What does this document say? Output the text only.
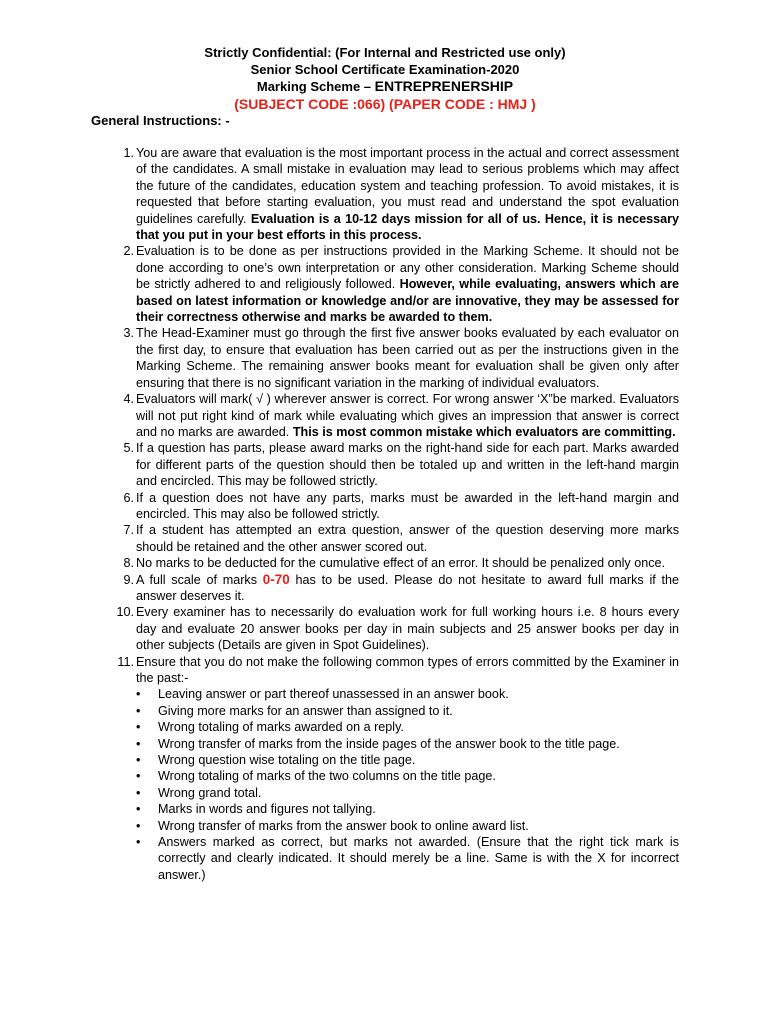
Strictly Confidential: (For Internal and Restricted use only)
Senior School Certificate Examination-2020
Marking Scheme – ENTREPRENERSHIP
(SUBJECT CODE :066) (PAPER CODE : HMJ )
General Instructions: -
1. You are aware that evaluation is the most important process in the actual and correct assessment of the candidates. A small mistake in evaluation may lead to serious problems which may affect the future of the candidates, education system and teaching profession. To avoid mistakes, it is requested that before starting evaluation, you must read and understand the spot evaluation guidelines carefully. Evaluation is a 10-12 days mission for all of us. Hence, it is necessary that you put in your best efforts in this process.
2. Evaluation is to be done as per instructions provided in the Marking Scheme. It should not be done according to one’s own interpretation or any other consideration. Marking Scheme should be strictly adhered to and religiously followed. However, while evaluating, answers which are based on latest information or knowledge and/or are innovative, they may be assessed for their correctness otherwise and marks be awarded to them.
3. The Head-Examiner must go through the first five answer books evaluated by each evaluator on the first day, to ensure that evaluation has been carried out as per the instructions given in the Marking Scheme. The remaining answer books meant for evaluation shall be given only after ensuring that there is no significant variation in the marking of individual evaluators.
4. Evaluators will mark( √ ) wherever answer is correct. For wrong answer ‘X”be marked. Evaluators will not put right kind of mark while evaluating which gives an impression that answer is correct and no marks are awarded. This is most common mistake which evaluators are committing.
5. If a question has parts, please award marks on the right-hand side for each part. Marks awarded for different parts of the question should then be totaled up and written in the left-hand margin and encircled. This may be followed strictly.
6. If a question does not have any parts, marks must be awarded in the left-hand margin and encircled. This may also be followed strictly.
7. If a student has attempted an extra question, answer of the question deserving more marks should be retained and the other answer scored out.
8. No marks to be deducted for the cumulative effect of an error. It should be penalized only once.
9. A full scale of marks 0-70 has to be used. Please do not hesitate to award full marks if the answer deserves it.
10. Every examiner has to necessarily do evaluation work for full working hours i.e. 8 hours every day and evaluate 20 answer books per day in main subjects and 25 answer books per day in other subjects (Details are given in Spot Guidelines).
11. Ensure that you do not make the following common types of errors committed by the Examiner in the past:-
• Leaving answer or part thereof unassessed in an answer book.
• Giving more marks for an answer than assigned to it.
• Wrong totaling of marks awarded on a reply.
• Wrong transfer of marks from the inside pages of the answer book to the title page.
• Wrong question wise totaling on the title page.
• Wrong totaling of marks of the two columns on the title page.
• Wrong grand total.
• Marks in words and figures not tallying.
• Wrong transfer of marks from the answer book to online award list.
• Answers marked as correct, but marks not awarded. (Ensure that the right tick mark is correctly and clearly indicated. It should merely be a line. Same is with the X for incorrect answer.)
